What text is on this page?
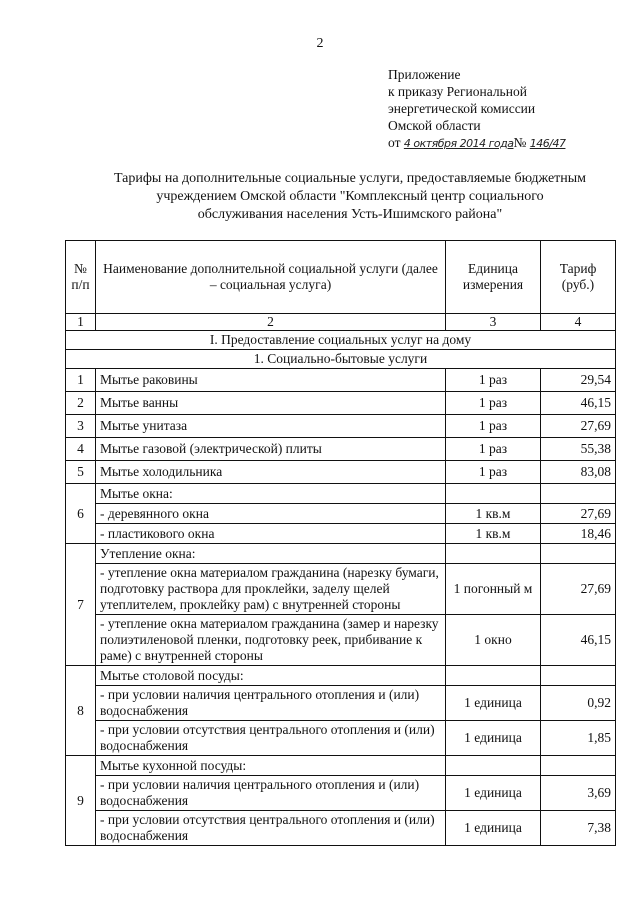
2
Приложение
к приказу Региональной
энергетической комиссии
Омской области
от 4 октября 2014 года№ 146/47
Тарифы на дополнительные социальные услуги, предоставляемые бюджетным
учреждением Омской области "Комплексный центр социального
обслуживания населения Усть-Ишимского района"
№ п/п	Наименование дополнительной социальной услуги (далее – социальная услуга)	Единица измерения	Тариф (руб.)
1	2	3	4
I. Предоставление социальных услуг на дому			
1. Социально-бытовые услуги			
1	Мытье раковины	1 раз	29,54
2	Мытье ванны	1 раз	46,15
3	Мытье унитаза	1 раз	27,69
4	Мытье газовой (электрической) плиты	1 раз	55,38
5	Мытье холодильника	1 раз	83,08
6	Мытье окна:		
	- деревянного окна	1 кв.м	27,69
	- пластикового окна	1 кв.м	18,46
7	Утепление окна:		
	- утепление окна материалом гражданина (нарезку бумаги, подготовку раствора для проклейки, заделу щелей утеплителем, проклейку рам) с внутренней стороны	1 погонный м	27,69
	- утепление окна материалом гражданина (замер и нарезку полиэтиленовой пленки, подготовку реек, прибивание к раме) с внутренней стороны	1 окно	46,15
8	Мытье столовой посуды:		
	- при условии наличия центрального отопления и (или) водоснабжения	1 единица	0,92
	- при условии отсутствия центрального отопления и (или) водоснабжения	1 единица	1,85
9	Мытье кухонной посуды:		
	- при условии наличия центрального отопления и (или) водоснабжения	1 единица	3,69
	- при условии отсутствия центрального отопления и (или) водоснабжения	1 единица	7,38
